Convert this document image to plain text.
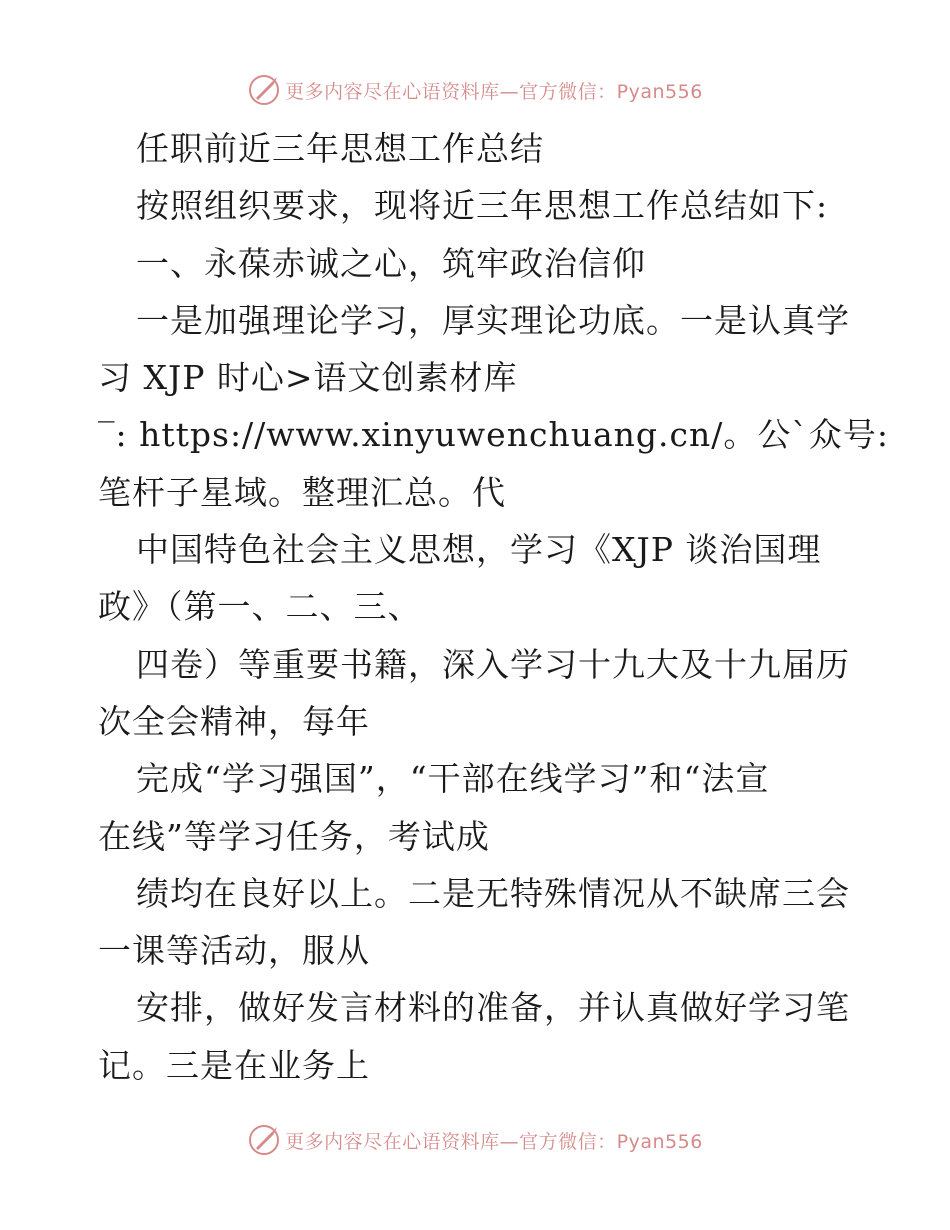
更多内容尽在心语资料库—官方微信：Pyan556
任职前近三年思想工作总结
按照组织要求，现将近三年思想工作总结如下:
一、永葆赤诚之心，筑牢政治信仰
一是加强理论学习，厚实理论功底。一是认真学
习 XJP 时心>语文创素材库
‾: https://www.xinyuwenchuang.cn/。公`众号:
笔杆子星域。整理汇总。代
中国特色社会主义思想，学习《XJP 谈治国理
政》（第一、二、三、
四卷）等重要书籍，深入学习十九大及十九届历
次全会精神，每年
完成“学习强国”，“干部在线学习”和“法宣
在线”等学习任务，考试成
绩均在良好以上。二是无特殊情况从不缺席三会
一课等活动，服从
安排，做好发言材料的准备，并认真做好学习笔
记。三是在业务上
更多内容尽在心语资料库—官方微信：Pyan556
